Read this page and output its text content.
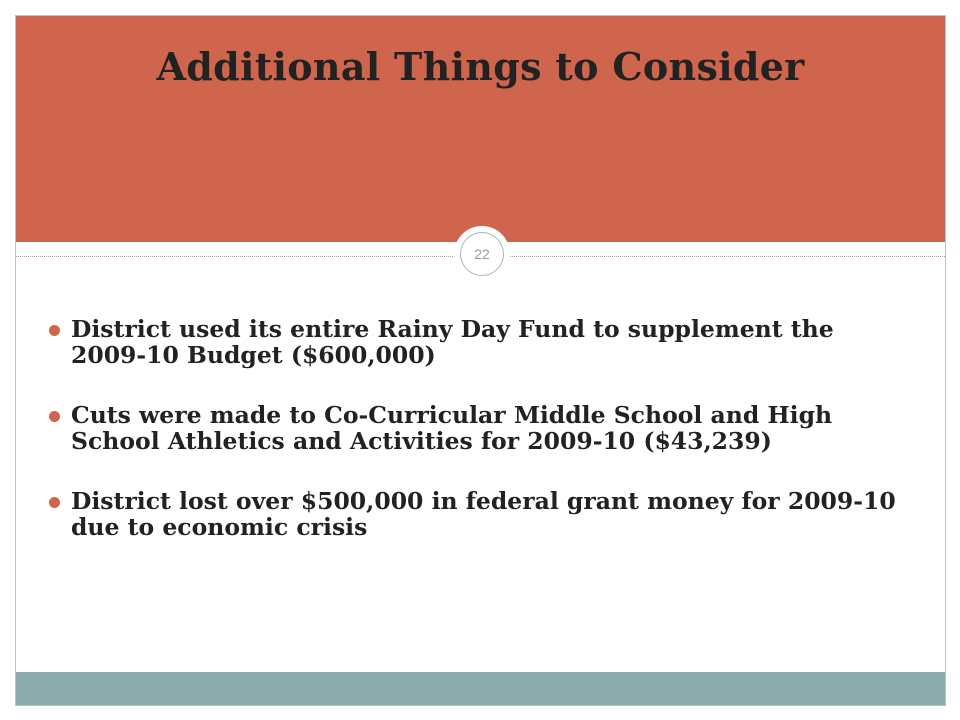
Additional Things to Consider
22
District used its entire Rainy Day Fund to supplement the 2009-10 Budget ($600,000)
Cuts were made to Co-Curricular Middle School and High School Athletics and Activities for 2009-10 ($43,239)
District lost over $500,000 in federal grant money for 2009-10 due to economic crisis
